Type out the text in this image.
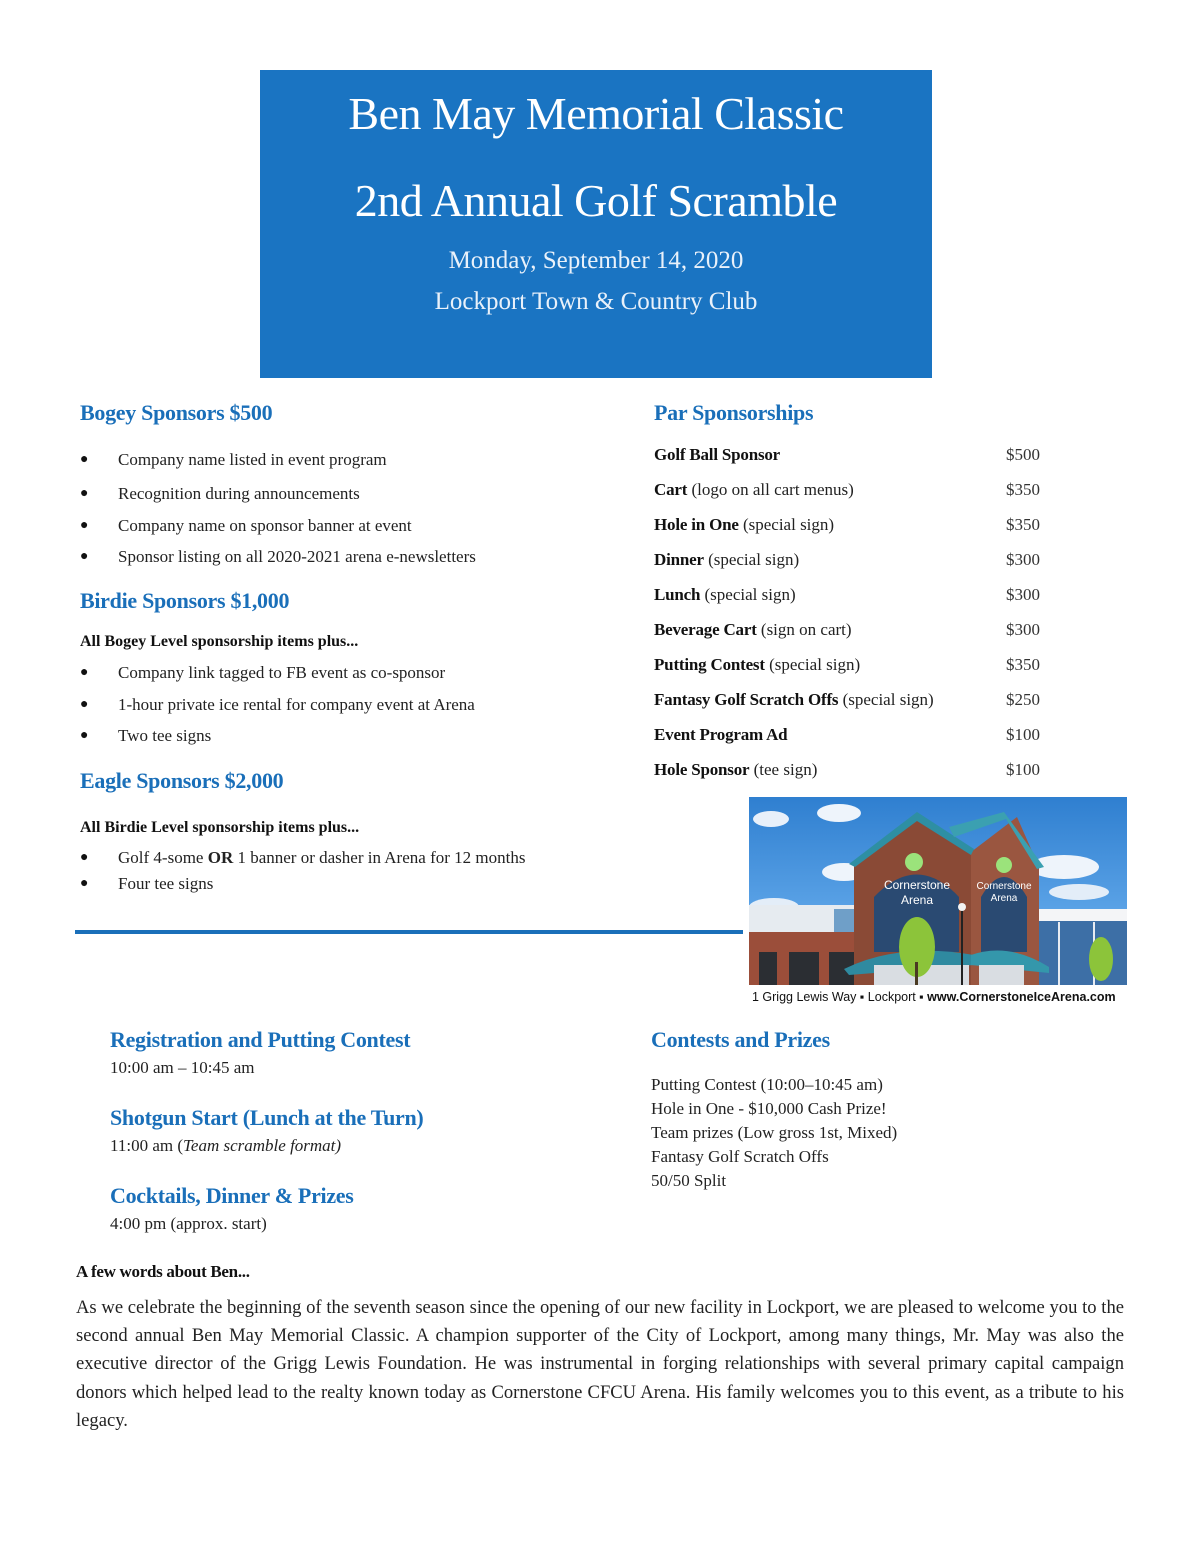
Ben May Memorial Classic
2nd Annual Golf Scramble
Monday, September 14, 2020
Lockport Town & Country Club
Bogey Sponsors $500
● Company name listed in event program
● Recognition during announcements
● Company name on sponsor banner at event
● Sponsor listing on all 2020-2021 arena e-newsletters
Birdie Sponsors $1,000
All Bogey Level sponsorship items plus...
● Company link tagged to FB event as co-sponsor
● 1-hour private ice rental for company event at Arena
● Two tee signs
Eagle Sponsors $2,000
All Birdie Level sponsorship items plus...
● Golf 4-some OR 1 banner or dasher in Arena for 12 months
● Four tee signs
Par Sponsorships
Golf Ball Sponsor	$500
Cart (logo on all cart menus)	$350
Hole in One (special sign)	$350
Dinner (special sign)	$300
Lunch (special sign)	$300
Beverage Cart (sign on cart)	$300
Putting Contest (special sign)	$350
Fantasy Golf Scratch Offs (special sign)	$250
Event Program Ad	$100
Hole Sponsor (tee sign)	$100
Cornerstone
Arena
Cornerstone
Arena
1 Grigg Lewis Way ▪ Lockport ▪ www.CornerstoneIceArena.com
Registration and Putting Contest
10:00 am – 10:45 am
Shotgun Start (Lunch at the Turn)
11:00 am (Team scramble format)
Cocktails, Dinner & Prizes
4:00 pm (approx. start)
Contests and Prizes
Putting Contest (10:00–10:45 am)
Hole in One - $10,000 Cash Prize!
Team prizes (Low gross 1st, Mixed)
Fantasy Golf Scratch Offs
50/50 Split
A few words about Ben...
As we celebrate the beginning of the seventh season since the opening of our new facility in Lockport, we are pleased to welcome you to the second annual Ben May Memorial Classic. A champion supporter of the City of Lockport, among many things, Mr. May was also the executive director of the Grigg Lewis Foundation. He was instrumental in forging relationships with several primary capital campaign donors which helped lead to the realty known today as Cornerstone CFCU Arena. His family welcomes you to this event, as a tribute to his legacy.
